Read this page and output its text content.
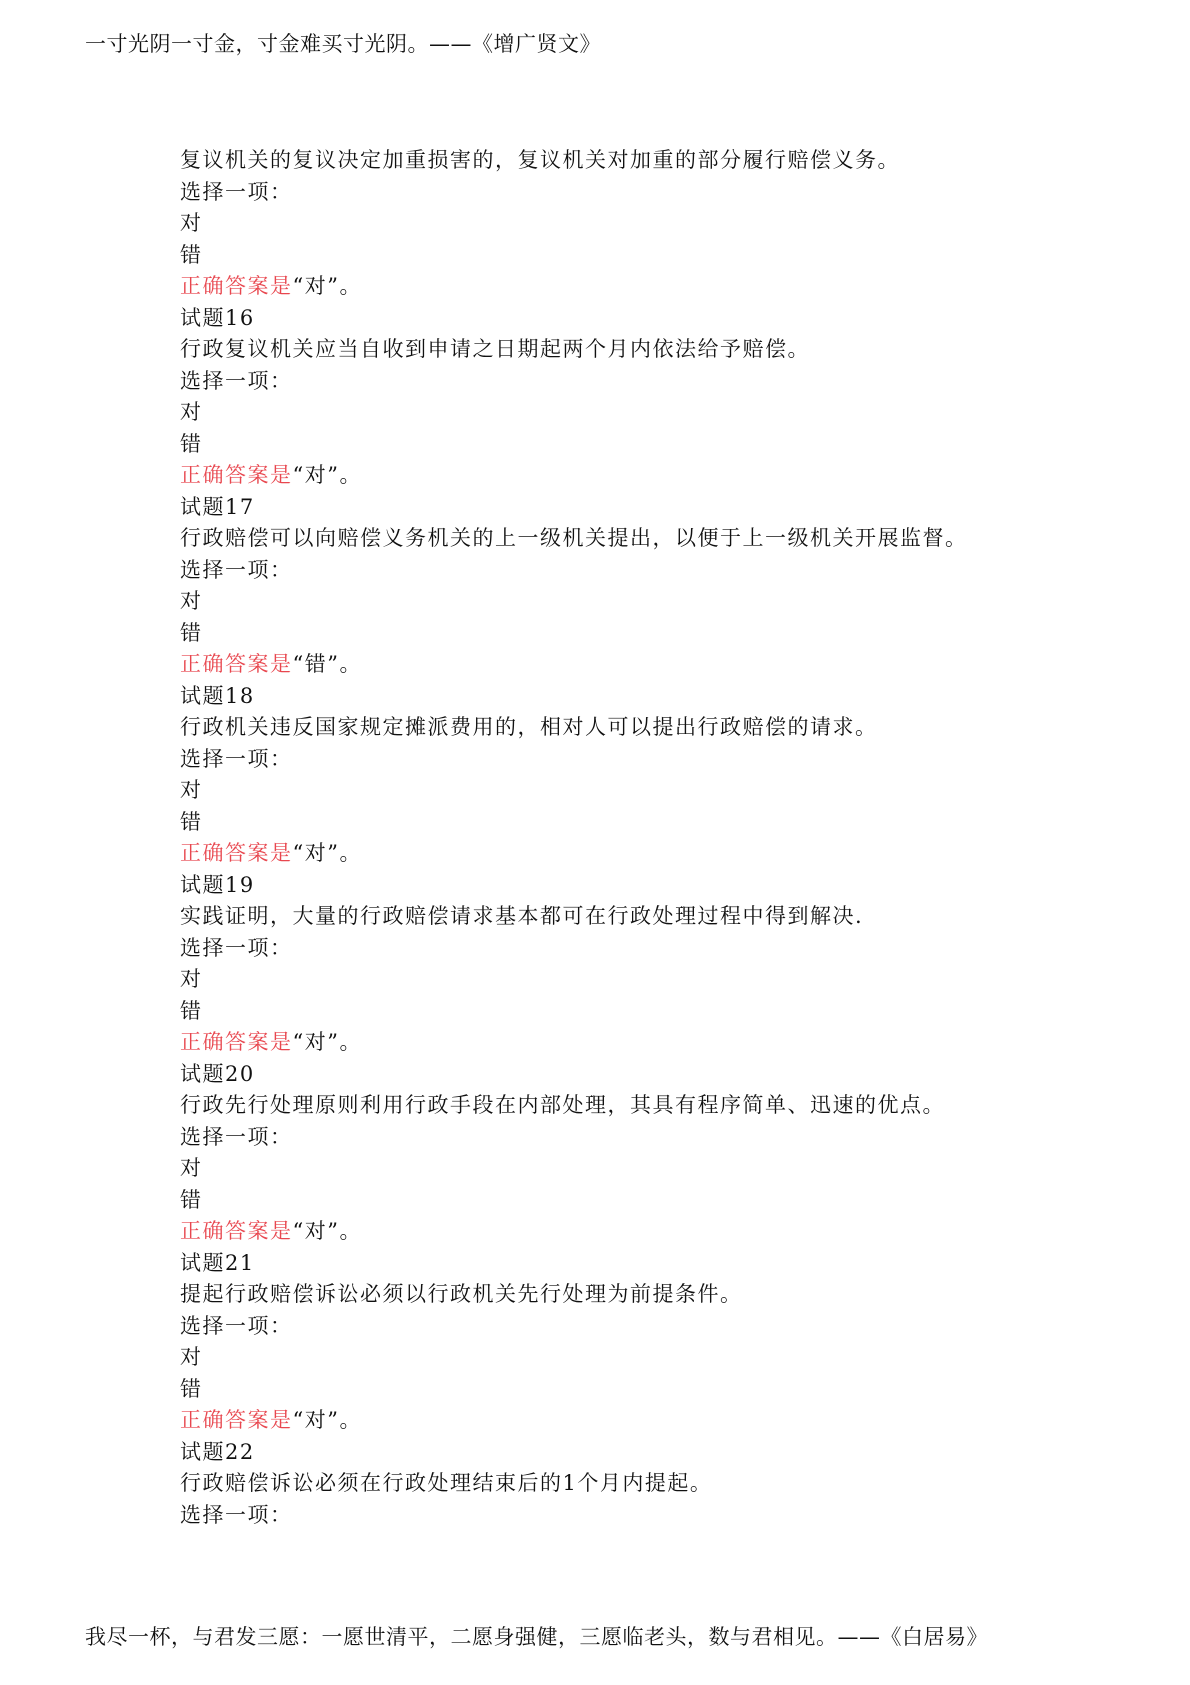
一寸光阴一寸金，寸金难买寸光阴。——《增广贤文》
复议机关的复议决定加重损害的，复议机关对加重的部分履行赔偿义务。
选择一项：
对
错
正确答案是“对”。
试题16
行政复议机关应当自收到申请之日期起两个月内依法给予赔偿。
选择一项：
对
错
正确答案是“对”。
试题17
行政赔偿可以向赔偿义务机关的上一级机关提出，以便于上一级机关开展监督。
选择一项：
对
错
正确答案是“错”。
试题18
行政机关违反国家规定摊派费用的，相对人可以提出行政赔偿的请求。
选择一项：
对
错
正确答案是“对”。
试题19
实践证明，大量的行政赔偿请求基本都可在行政处理过程中得到解决.
选择一项：
对
错
正确答案是“对”。
试题20
行政先行处理原则利用行政手段在内部处理，其具有程序简单、迅速的优点。
选择一项：
对
错
正确答案是“对”。
试题21
提起行政赔偿诉讼必须以行政机关先行处理为前提条件。
选择一项：
对
错
正确答案是“对”。
试题22
行政赔偿诉讼必须在行政处理结束后的1个月内提起。
选择一项：
我尽一杯，与君发三愿：一愿世清平，二愿身强健，三愿临老头，数与君相见。——《白居易》
